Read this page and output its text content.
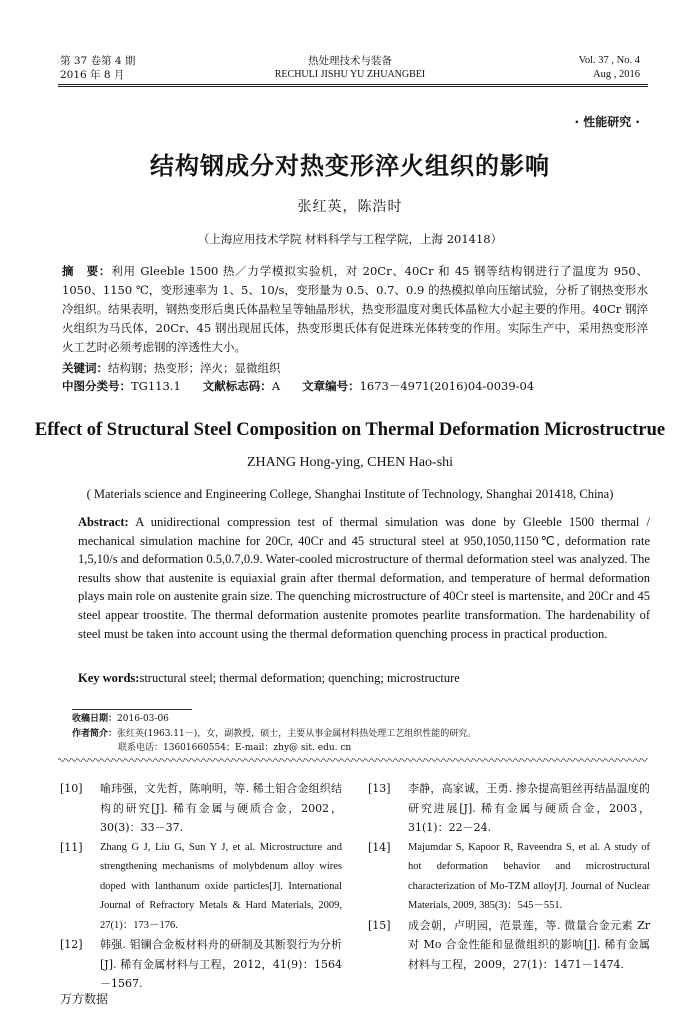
第 37 卷第 4 期
2016 年 8 月
热处理技术与装备
RECHULI JISHU YU ZHUANGBEI
Vol. 37 , No. 4
Aug , 2016
· 性能研究 ·
结构钢成分对热变形淬火组织的影响
张红英，陈浩时
（上海应用技术学院 材料科学与工程学院，上海 201418）
摘　要：利用 Gleeble 1500 热／力学模拟实验机，对 20Cr、40Cr 和 45 钢等结构钢进行了温度为 950、1050、1150 ℃，变形速率为 1、5、10/s，变形量为 0.5、0.7、0.9 的热模拟单向压缩试验，分析了钢热变形水冷组织。结果表明，钢热变形后奥氏体晶粒呈等轴晶形状，热变形温度对奥氏体晶粒大小起主要的作用。40Cr 钢淬火组织为马氏体，20Cr、45 钢出现屈氏体，热变形奥氏体有促进珠光体转变的作用。实际生产中，采用热变形淬火工艺时必须考虑钢的淬透性大小。
关键词：结构钢；热变形；淬火；显微组织
中图分类号：TG113.1 文献标志码：A 文章编号：1673－4971(2016)04-0039-04
Effect of Structural Steel Composition on Thermal Deformation Microstructrue
ZHANG Hong-ying, CHEN Hao-shi
( Materials science and Engineering College, Shanghai Institute of Technology, Shanghai 201418, China)
Abstract: A unidirectional compression test of thermal simulation was done by Gleeble 1500 thermal / mechanical simulation machine for 20Cr, 40Cr and 45 structural steel at 950,1050,1150℃, deformation rate 1,5,10/s and deformation 0.5,0.7,0.9. Water-cooled microstructure of thermal deformation steel was analyzed. The results show that austenite is equiaxial grain after thermal deformation, and temperature of hermal deformation plays main role on austenite grain size. The quenching microstructure of 40Cr steel is martensite, and 20Cr and 45 steel appear troostite. The thermal deformation austenite promotes pearlite transformation. The hardenability of steel must be taken into account using the thermal deformation quenching process in practical production.
Key words:structural steel; thermal deformation; quenching; microstructure
收稿日期：2016-03-06
作者简介：张红英(1963.11－)，女，副教授，硕士，主要从事金属材料热处理工艺组织性能的研究。
联系电话：13601660554；E-mail：zhy@ sit. edu. cn
[10]	喻玮强，文先哲，陈响明，等. 稀土钼合金组织结构的研究[J]. 稀有金属与硬质合金，2002，30(3)：33－37.
[11]	Zhang G J, Liu G, Sun Y J, et al. Microstructure and strengthening mechanisms of molybdenum alloy wires doped with lanthanum oxide particles[J]. International Journal of Refractory Metals & Hard Materials, 2009, 27(1)：173－176.
[12]	韩强. 钼镧合金板材料舟的研制及其断裂行为分析[J]. 稀有金属材料与工程，2012，41(9)：1564－1567.
[13]	李静，高家诚，王勇. 掺杂提高钼丝再结晶温度的研究进展[J]. 稀有金属与硬质合金，2003，31(1)：22－24.
[14]	Majumdar S, Kapoor R, Raveendra S, et al. A study of hot deformation behavior and microstructural characterization of Mo-TZM alloy[J]. Journal of Nuclear Materials, 2009, 385(3)：545－551.
[15]	成会朝，卢明园，范景莲，等. 微量合金元素 Zr 对 Mo 合金性能和显微组织的影响[J]. 稀有金属材料与工程，2009，27(1)：1471－1474.
万方数据
